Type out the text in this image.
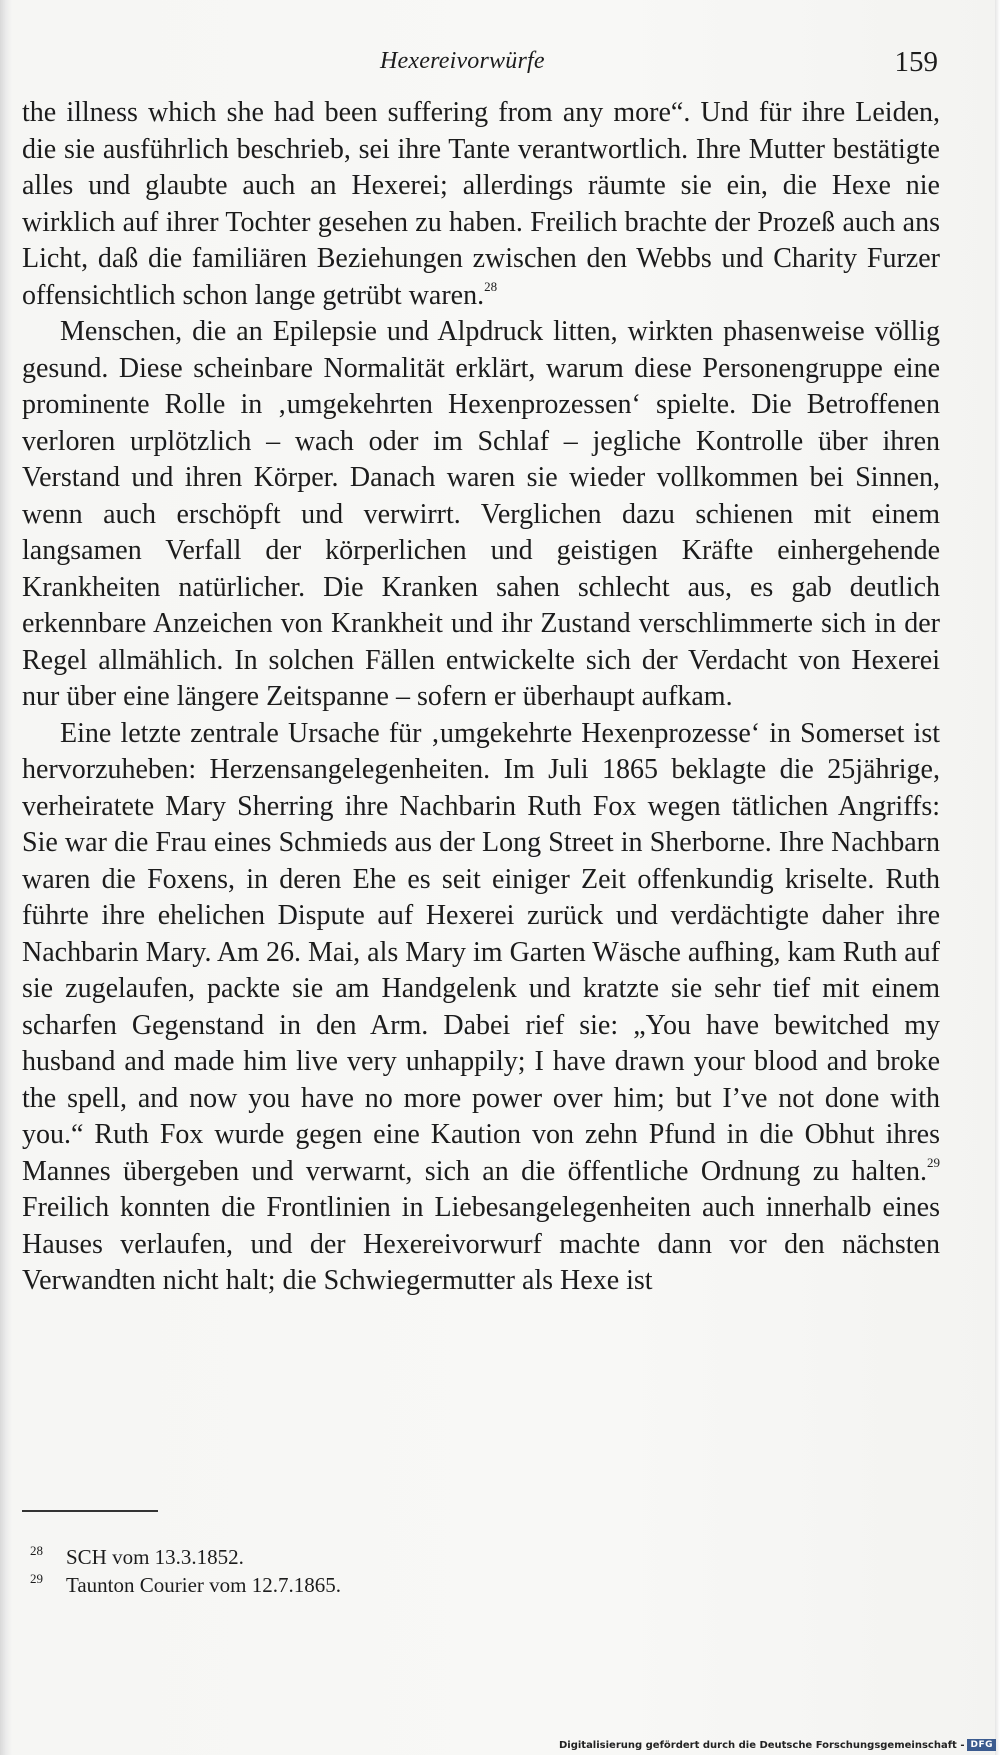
Hexereivorwürfe	159

the illness which she had been suffering from any more“. Und für ihre Leiden, die sie ausführlich beschrieb, sei ihre Tante verantwortlich. Ihre Mutter bestätigte alles und glaubte auch an Hexerei; allerdings räumte sie ein, die Hexe nie wirklich auf ihrer Tochter gesehen zu haben. Freilich brachte der Prozeß auch ans Licht, daß die familiären Beziehungen zwischen den Webbs und Charity Furzer offensichtlich schon lange getrübt waren.$^{28}$

Menschen, die an Epilepsie und Alpdruck litten, wirkten phasenweise völlig gesund. Diese scheinbare Normalität erklärt, warum diese Personengruppe eine prominente Rolle in ‚umgekehrten Hexenprozessen‘ spielte. Die Betroffenen verloren urplötzlich – wach oder im Schlaf – jegliche Kontrolle über ihren Verstand und ihren Körper. Danach waren sie wieder vollkommen bei Sinnen, wenn auch erschöpft und verwirrt. Verglichen dazu schienen mit einem langsamen Verfall der körperlichen und geistigen Kräfte einhergehende Krankheiten natürlicher. Die Kranken sahen schlecht aus, es gab deutlich erkennbare Anzeichen von Krankheit und ihr Zustand verschlimmerte sich in der Regel allmählich. In solchen Fällen entwickelte sich der Verdacht von Hexerei nur über eine längere Zeitspanne – sofern er überhaupt aufkam.

Eine letzte zentrale Ursache für ‚umgekehrte Hexenprozesse‘ in Somerset ist hervorzuheben: Herzensangelegenheiten. Im Juli 1865 beklagte die 25jährige, verheiratete Mary Sherring ihre Nachbarin Ruth Fox wegen tätlichen Angriffs: Sie war die Frau eines Schmieds aus der Long Street in Sherborne. Ihre Nachbarn waren die Foxens, in deren Ehe es seit einiger Zeit offenkundig kriselte. Ruth führte ihre ehelichen Dispute auf Hexerei zurück und verdächtigte daher ihre Nachbarin Mary. Am 26. Mai, als Mary im Garten Wäsche aufhing, kam Ruth auf sie zugelaufen, packte sie am Handgelenk und kratzte sie sehr tief mit einem scharfen Gegenstand in den Arm. Dabei rief sie: „You have bewitched my husband and made him live very unhappily; I have drawn your blood and broke the spell, and now you have no more power over him; but I’ve not done with you.“ Ruth Fox wurde gegen eine Kaution von zehn Pfund in die Obhut ihres Mannes übergeben und verwarnt, sich an die öffentliche Ordnung zu halten.$^{29}$ Freilich konnten die Frontlinien in Liebesangelegenheiten auch innerhalb eines Hauses verlaufen, und der Hexereivorwurf machte dann vor den nächsten Verwandten nicht halt; die Schwiegermutter als Hexe ist

28 SCH vom 13.3.1852.
29 Taunton Courier vom 12.7.1865.
Digitalisierung gefördert durch die Deutsche Forschungsgemeinschaft - DFG
